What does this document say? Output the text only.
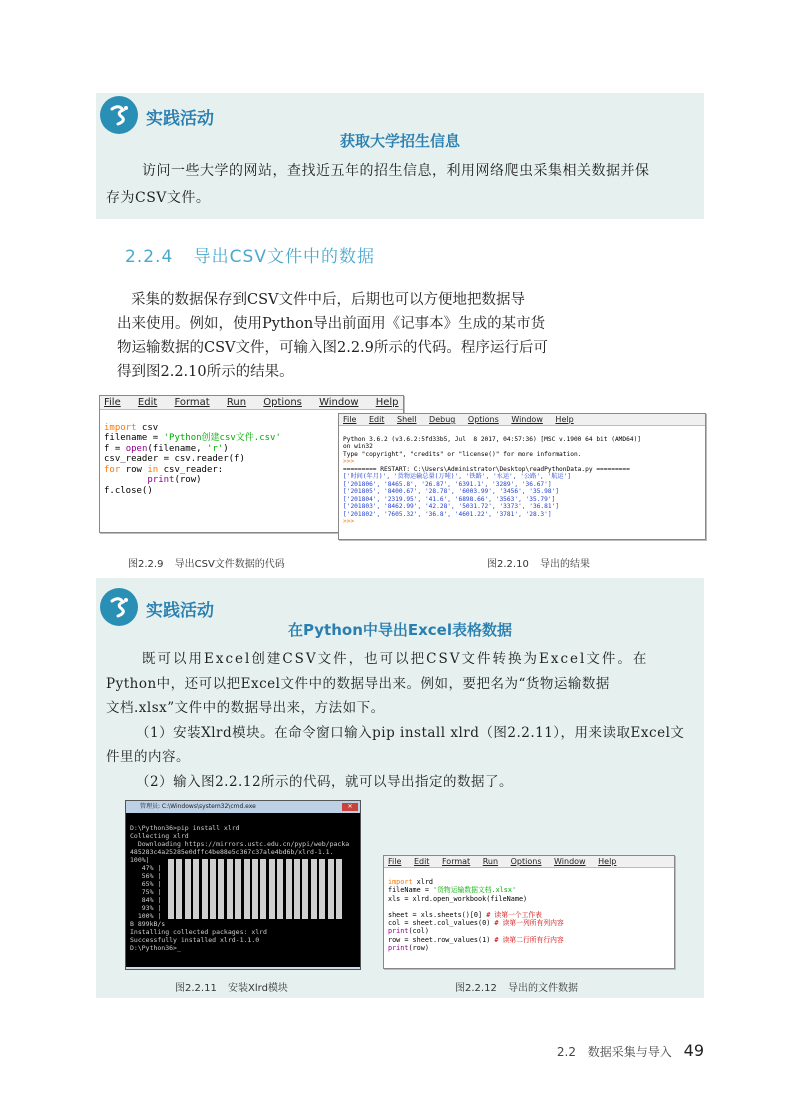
实践活动
获取大学招生信息
访问一些大学的网站，查找近五年的招生信息，利用网络爬虫采集相关数据并保
存为CSV文件。
2.2.4 导出CSV文件中的数据
采集的数据保存到CSV文件中后，后期也可以方便地把数据导
出来使用。例如，使用Python导出前面用《记事本》生成的某市货
物运输数据的CSV文件，可输入图2.2.9所示的代码。程序运行后可
得到图2.2.10所示的结果。
File Edit Format Run Options Window Help

import csv
filename = 'Python创建csv文件.csv'
f = open(filename, 'r')
csv_reader = csv.reader(f)
for row in csv_reader:
print(row)
f.close()

File Edit Shell Debug Options Window Help

Python 3.6.2 (v3.6.2:5fd33b5, Jul  8 2017, 04:57:36) [MSC v.1900 64 bit (AMD64)]
on win32
Type "copyright", "credits" or "license()" for more information.
>>>
========= RESTART: C:\Users\Administrator\Desktop\readPythonData.py =========
['时间(年月)', '货物运输总量(万吨)', '铁路', '水运', '公路', '航运']
['201806', '8465.8', '26.87', '6391.1', '3289', '36.67']
['201805', '8400.67', '28.78', '6003.99', '3456', '35.98']
['201804', '2319.95', '41.6', '6898.66', '3563', '35.79']
['201803', '8462.99', '42.28', '5031.72', '3373', '36.81']
['201802', '7605.32', '36.8', '4601.22', '3781', '28.3']
>>>

图2.2.9 导出CSV文件数据的代码	图2.2.10 导出的结果
实践活动
在Python中导出Excel表格数据
既可以用Excel创建CSV文件，也可以把CSV文件转换为Excel文件。在
Python中，还可以把Excel文件中的数据导出来。例如，要把名为“货物运输数据
文档.xlsx”文件中的数据导出来，方法如下。
（1）安装Xlrd模块。在命令窗口输入pip install xlrd（图2.2.11），用来读取Excel文
件里的内容。
（2）输入图2.2.12所示的代码，就可以导出指定的数据了。
管理员: C:\Windows\system32\cmd.exe	✕

D:\Python36>pip install xlrd
Collecting xlrd
Downloading https://mirrors.ustc.edu.cn/pypi/web/packa
485283c4a25285e0dffc4be88e5c367c37ale4bd6b/xlrd-1.1.
100%|
47% |
56% |
65% |
75% |
84% |
93% |
100% |
B 899kB/s
Installing collected packages: xlrd
Successfully installed xlrd-1.1.0
D:\Python36>_

File Edit Format Run Options Window Help

import xlrd
fileName = '货物运输数据文档.xlsx'
xls = xlrd.open_workbook(fileName)

sheet = xls.sheets()[0] # 读第一个工作表
col = sheet.col_values(0) # 读第一列所有列内容
print(col)
row = sheet.row_values(1) # 读第二行所有行内容
print(row)

图2.2.11 安装Xlrd模块	图2.2.12 导出的文件数据
2.2 数据采集与导入 49
